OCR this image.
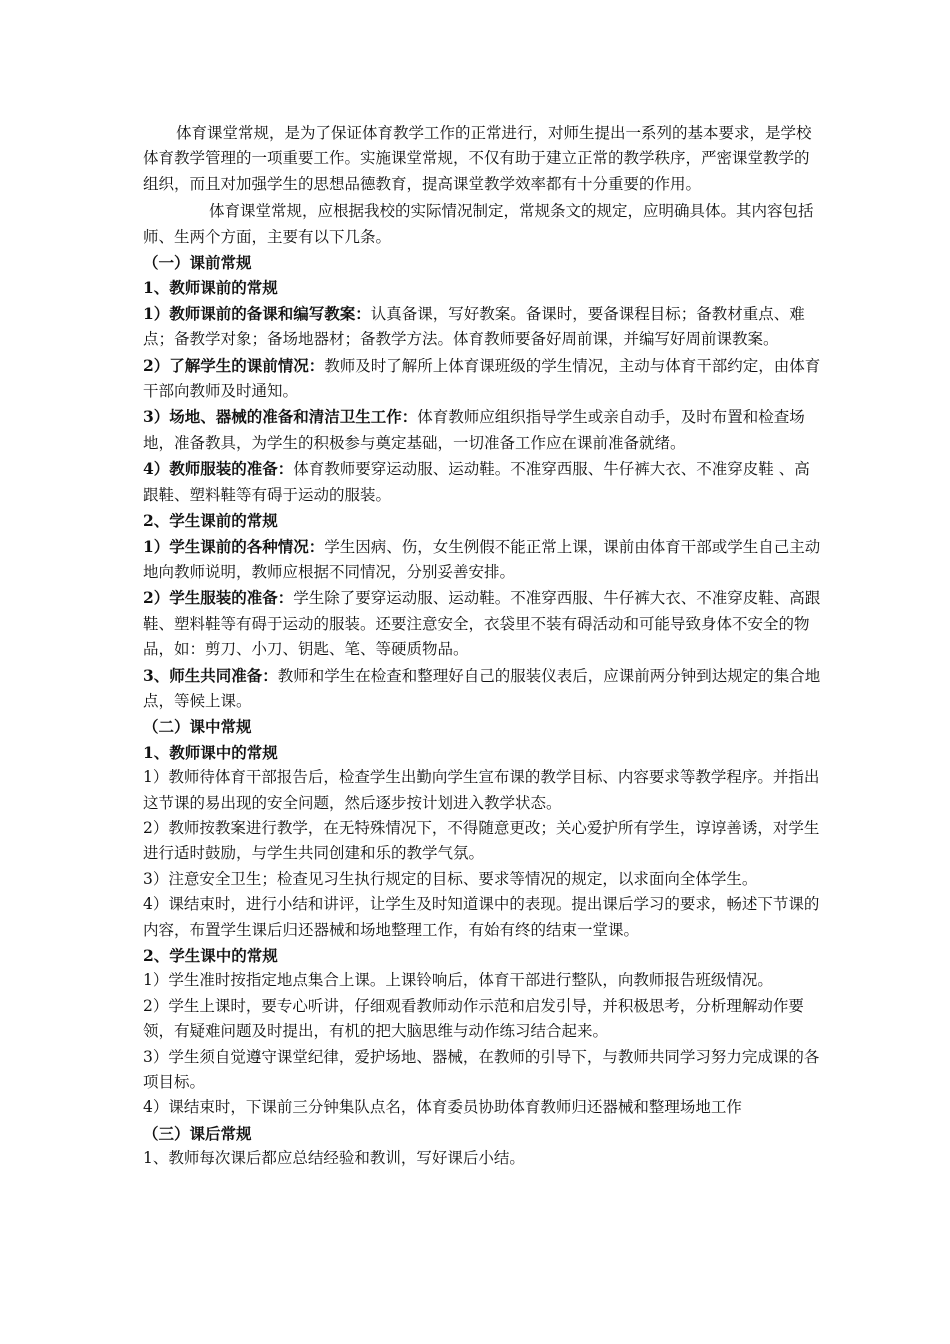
体育课堂常规，是为了保证体育教学工作的正常进行，对师生提出一系列的基本要求，是学校体育教学管理的一项重要工作。实施课堂常规，不仅有助于建立正常的教学秩序，严密课堂教学的组织，而且对加强学生的思想品德教育，提高课堂教学效率都有十分重要的作用。

体育课堂常规，应根据我校的实际情况制定，常规条文的规定，应明确具体。其内容包括师、生两个方面，主要有以下几条。

（一）课前常规

1、教师课前的常规

1）教师课前的备课和编写教案：认真备课，写好教案。备课时，要备课程目标；备教材重点、难点；备教学对象；备场地器材；备教学方法。体育教师要备好周前课，并编写好周前课教案。

2）了解学生的课前情况：教师及时了解所上体育课班级的学生情况，主动与体育干部约定，由体育干部向教师及时通知。

3）场地、器械的准备和清洁卫生工作：体育教师应组织指导学生或亲自动手，及时布置和检查场地，准备教具，为学生的积极参与奠定基础，一切准备工作应在课前准备就绪。

4）教师服装的准备：体育教师要穿运动服、运动鞋。不准穿西服、牛仔裤大衣、不准穿皮鞋 、高跟鞋、塑料鞋等有碍于运动的服装。

2、学生课前的常规

1）学生课前的各种情况：学生因病、伤，女生例假不能正常上课，课前由体育干部或学生自己主动地向教师说明，教师应根据不同情况，分别妥善安排。

2）学生服装的准备：学生除了要穿运动服、运动鞋。不准穿西服、牛仔裤大衣、不准穿皮鞋、高跟鞋、塑料鞋等有碍于运动的服装。还要注意安全，衣袋里不装有碍活动和可能导致身体不安全的物品，如：剪刀、小刀、钥匙、笔、等硬质物品。

3、师生共同准备：教师和学生在检查和整理好自己的服装仪表后，应课前两分钟到达规定的集合地点，等候上课。

（二）课中常规

1、教师课中的常规

1）教师待体育干部报告后，检查学生出勤向学生宣布课的教学目标、内容要求等教学程序。并指出这节课的易出现的安全问题，然后逐步按计划进入教学状态。

2）教师按教案进行教学，在无特殊情况下，不得随意更改；关心爱护所有学生，谆谆善诱，对学生进行适时鼓励，与学生共同创建和乐的教学气氛。

3）注意安全卫生；检查见习生执行规定的目标、要求等情况的规定，以求面向全体学生。

4）课结束时，进行小结和讲评，让学生及时知道课中的表现。提出课后学习的要求，畅述下节课的内容，布置学生课后归还器械和场地整理工作，有始有终的结束一堂课。

2、学生课中的常规

1）学生准时按指定地点集合上课。上课铃响后，体育干部进行整队，向教师报告班级情况。

2）学生上课时，要专心听讲，仔细观看教师动作示范和启发引导，并积极思考，分析理解动作要领，有疑难问题及时提出，有机的把大脑思维与动作练习结合起来。

3）学生须自觉遵守课堂纪律，爱护场地、器械，在教师的引导下，与教师共同学习努力完成课的各项目标。

4）课结束时，下课前三分钟集队点名，体育委员协助体育教师归还器械和整理场地工作

（三）课后常规

1、教师每次课后都应总结经验和教训，写好课后小结。
